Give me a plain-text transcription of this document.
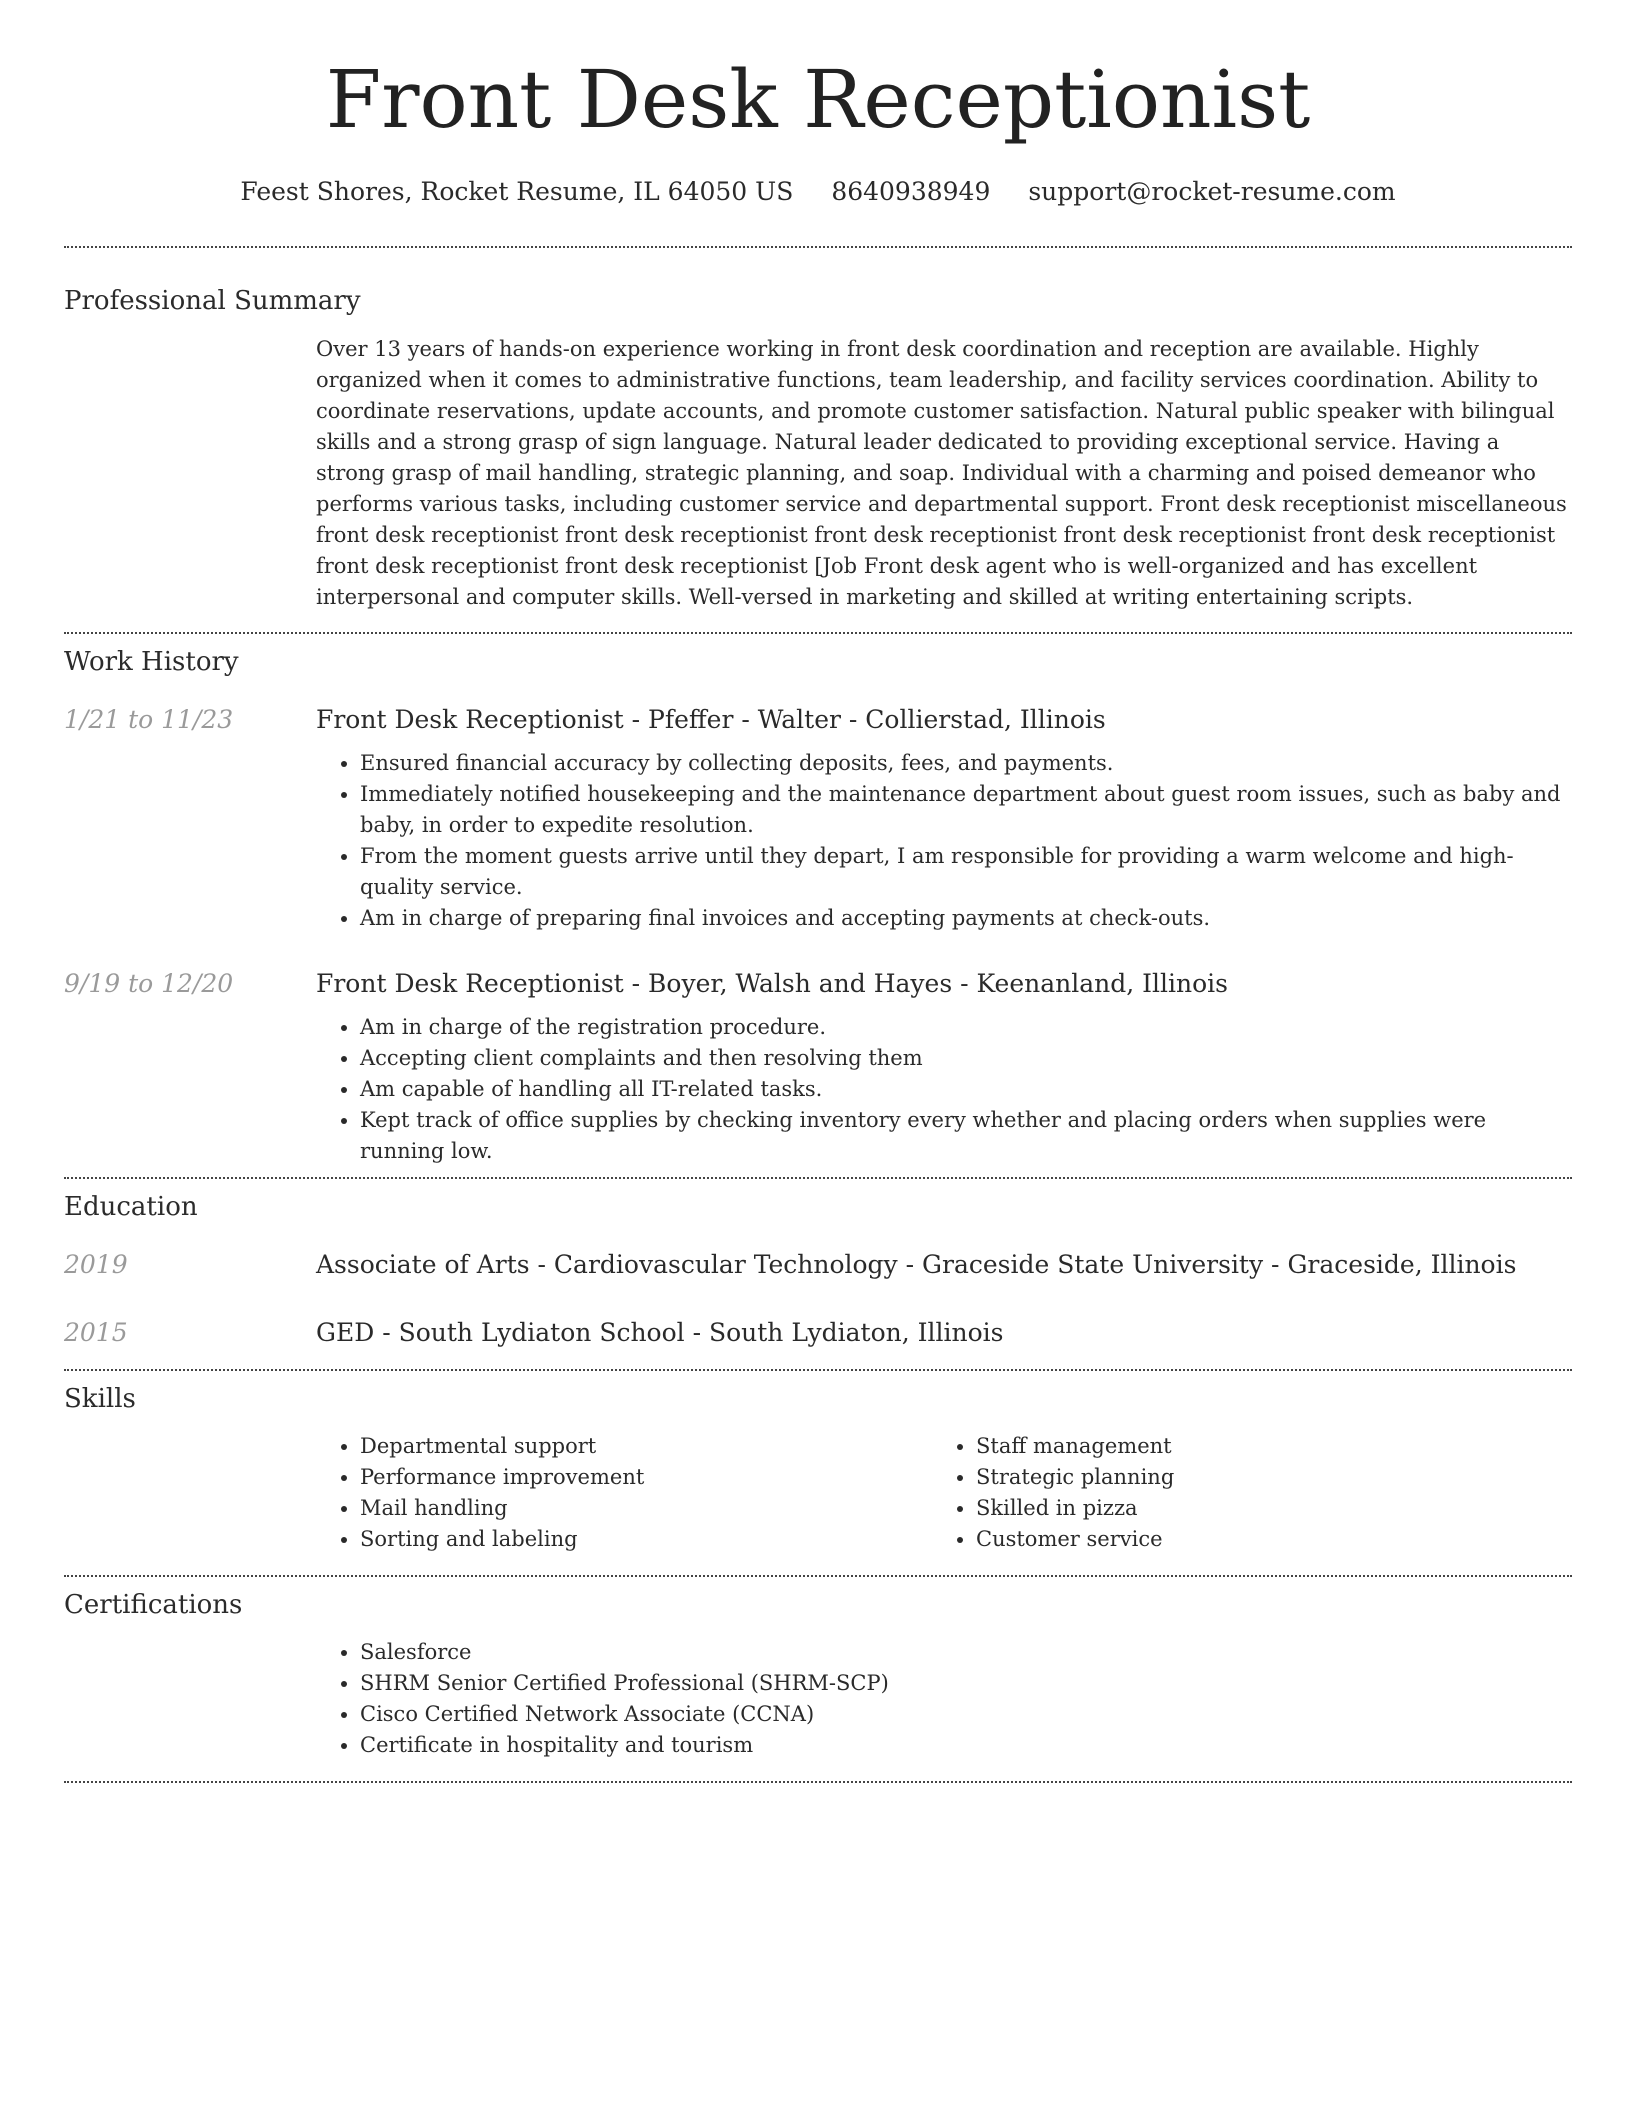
Front Desk Receptionist
Feest Shores, Rocket Resume, IL 64050 US 8640938949 support@rocket-resume.com
Professional Summary

Over 13 years of hands-on experience working in front desk coordination and reception are available. Highly organized when it comes to administrative functions, team leadership, and facility services coordination. Ability to coordinate reservations, update accounts, and promote customer satisfaction. Natural public speaker with bilingual skills and a strong grasp of sign language. Natural leader dedicated to providing exceptional service. Having a strong grasp of mail handling, strategic planning, and soap. Individual with a charming and poised demeanor who performs various tasks, including customer service and departmental support. Front desk receptionist miscellaneous front desk receptionist front desk receptionist front desk receptionist front desk receptionist front desk receptionist front desk receptionist front desk receptionist [Job Front desk agent who is well-organized and has excellent interpersonal and computer skills. Well-versed in marketing and skilled at writing entertaining scripts.

Work History
1/21 to 11/23	Front Desk Receptionist - Pfeffer - Walter - Collierstad, Illinois
• Ensured financial accuracy by collecting deposits, fees, and payments.
• Immediately notified housekeeping and the maintenance department about guest room issues, such as baby and baby, in order to expedite resolution.
• From the moment guests arrive until they depart, I am responsible for providing a warm welcome and high-quality service.
• Am in charge of preparing final invoices and accepting payments at check-outs.
9/19 to 12/20	Front Desk Receptionist - Boyer, Walsh and Hayes - Keenanland, Illinois
• Am in charge of the registration procedure.
• Accepting client complaints and then resolving them
• Am capable of handling all IT-related tasks.
• Kept track of office supplies by checking inventory every whether and placing orders when supplies were running low.
Education
2019	Associate of Arts - Cardiovascular Technology - Graceside State University - Graceside, Illinois
2015	GED - South Lydiaton School - South Lydiaton, Illinois
Skills
• Departmental support
• Performance improvement
• Mail handling
• Sorting and labeling
• Staff management
• Strategic planning
• Skilled in pizza
• Customer service
Certifications
• Salesforce
• SHRM Senior Certified Professional (SHRM-SCP)
• Cisco Certified Network Associate (CCNA)
• Certificate in hospitality and tourism
